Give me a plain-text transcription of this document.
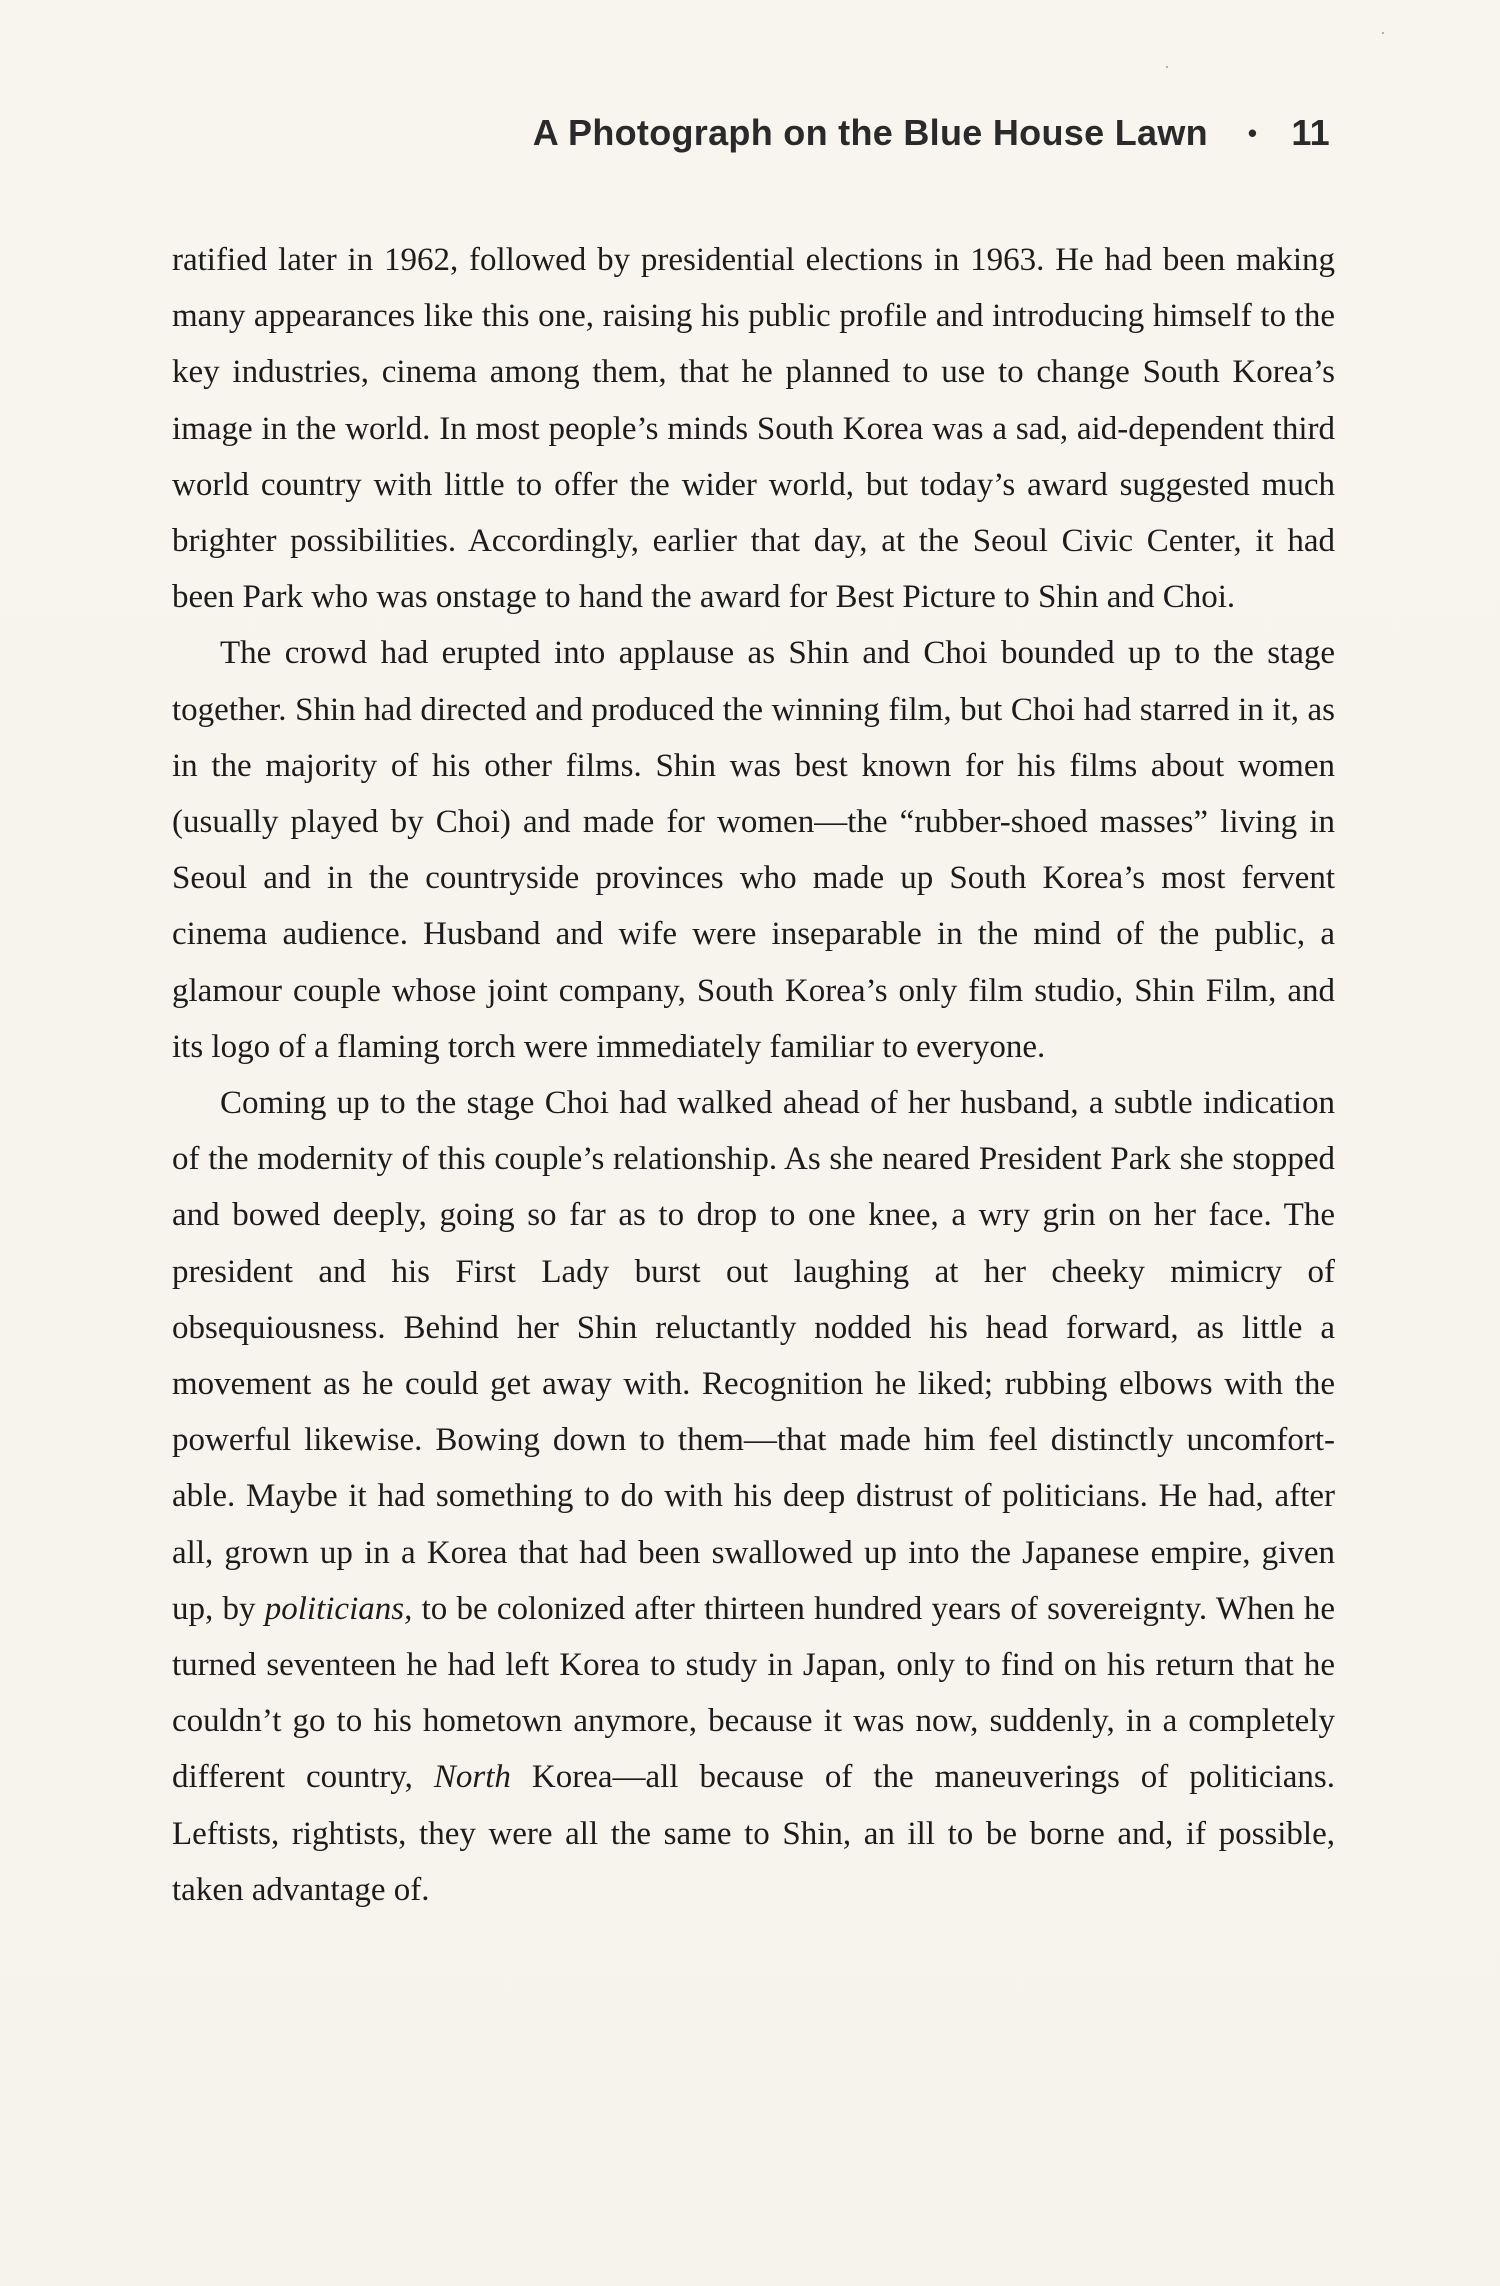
A Photograph on the Blue House Lawn • 11

ratified later in 1962, followed by presidential elections in 1963. He had been making many appearances like this one, raising his public profile and introducing himself to the key industries, cinema among them, that he planned to use to change South Korea’s image in the world. In most people’s minds South Korea was a sad, aid-dependent third world country with little to offer the wider world, but today’s award suggested much brighter possibilities. Accordingly, earlier that day, at the Seoul Civic Center, it had been Park who was onstage to hand the award for Best Picture to Shin and Choi.

The crowd had erupted into applause as Shin and Choi bounded up to the stage together. Shin had directed and produced the winning film, but Choi had starred in it, as in the majority of his other films. Shin was best known for his films about women (usually played by Choi) and made for women—the “rubber-shoed masses” living in Seoul and in the countryside provinces who made up South Korea’s most fervent cinema audience. Husband and wife were inseparable in the mind of the public, a glamour couple whose joint company, South Korea’s only film studio, Shin Film, and its logo of a flaming torch were immediately familiar to everyone.

Coming up to the stage Choi had walked ahead of her husband, a subtle indication of the modernity of this couple’s relationship. As she neared President Park she stopped and bowed deeply, going so far as to drop to one knee, a wry grin on her face. The president and his First Lady burst out laughing at her cheeky mimicry of obsequiousness. Behind her Shin reluctantly nodded his head forward, as little a movement as he could get away with. Recognition he liked; rubbing elbows with the powerful likewise. Bowing down to them—that made him feel distinctly uncomfortable. Maybe it had something to do with his deep distrust of politicians. He had, after all, grown up in a Korea that had been swallowed up into the Japanese empire, given up, by politicians, to be colonized after thirteen hundred years of sovereignty. When he turned seventeen he had left Korea to study in Japan, only to find on his return that he couldn’t go to his hometown anymore, because it was now, suddenly, in a completely different country, North Korea—all because of the maneuverings of politicians. Leftists, rightists, they were all the same to Shin, an ill to be borne and, if possible, taken advantage of.
